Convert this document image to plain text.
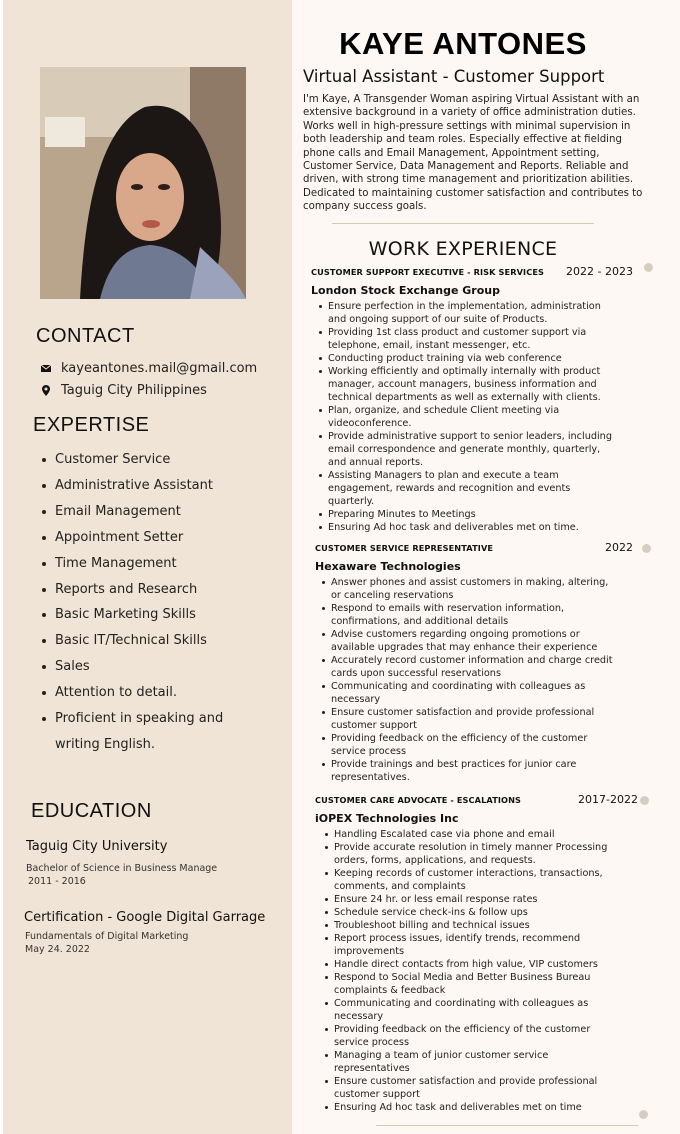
CONTACT
kayeantones.mail@gmail.com
Taguig City Philippines
EXPERTISE
Customer Service
Administrative Assistant
Email Management
Appointment Setter
Time Management
Reports and Research
Basic Marketing Skills
Basic IT/Technical Skills
Sales
Attention to detail.
Proficient in speaking and
writing English.
EDUCATION
Taguig City University
Bachelor of Science in Business Manage
2011 - 2016
Certification - Google Digital Garrage
Fundamentals of Digital Marketing
May 24. 2022
KAYE ANTONES
Virtual Assistant - Customer Support
I'm Kaye, A Transgender Woman aspiring Virtual Assistant with an extensive background in a variety of office administration duties. Works well in high-pressure settings with minimal supervision in both leadership and team roles. Especially effective at fielding phone calls and Email Management, Appointment setting, Customer Service, Data Management and Reports. Reliable and driven, with strong time management and prioritization abilities. Dedicated to maintaining customer satisfaction and contributes to company success goals.
WORK EXPERIENCE
CUSTOMER SUPPORT EXECUTIVE - RISK SERVICES 2022 - 2023
London Stock Exchange Group
Ensure perfection in the implementation, administration
and ongoing support of our suite of Products.
Providing 1st class product and customer support via
telephone, email, instant messenger, etc.
Conducting product training via web conference
Working efficiently and optimally internally with product
manager, account managers, business information and
technical departments as well as externally with clients.
Plan, organize, and schedule Client meeting via
videoconference.
Provide administrative support to senior leaders, including
email correspondence and generate monthly, quarterly,
and annual reports.
Assisting Managers to plan and execute a team
engagement, rewards and recognition and events
quarterly.
Preparing Minutes to Meetings
Ensuring Ad hoc task and deliverables met on time.
CUSTOMER SERVICE REPRESENTATIVE	2022
Hexaware Technologies
Answer phones and assist customers in making, altering,
or canceling reservations
Respond to emails with reservation information,
confirmations, and additional details
Advise customers regarding ongoing promotions or
available upgrades that may enhance their experience
Accurately record customer information and charge credit
cards upon successful reservations
Communicating and coordinating with colleagues as
necessary
Ensure customer satisfaction and provide professional
customer support
Providing feedback on the efficiency of the customer
service process
Provide trainings and best practices for junior care
representatives.
CUSTOMER CARE ADVOCATE - ESCALATIONS	2017-2022
iOPEX Technologies Inc
Handling Escalated case via phone and email
Provide accurate resolution in timely manner Processing
orders, forms, applications, and requests.
Keeping records of customer interactions, transactions,
comments, and complaints
Ensure 24 hr. or less email response rates
Schedule service check-ins & follow ups
Troubleshoot billing and technical issues
Report process issues, identify trends, recommend
improvements
Handle direct contacts from high value, VIP customers
Respond to Social Media and Better Business Bureau
complaints & feedback
Communicating and coordinating with colleagues as
necessary
Providing feedback on the efficiency of the customer
service process
Managing a team of junior customer service
representatives
Ensure customer satisfaction and provide professional
customer support
Ensuring Ad hoc task and deliverables met on time
